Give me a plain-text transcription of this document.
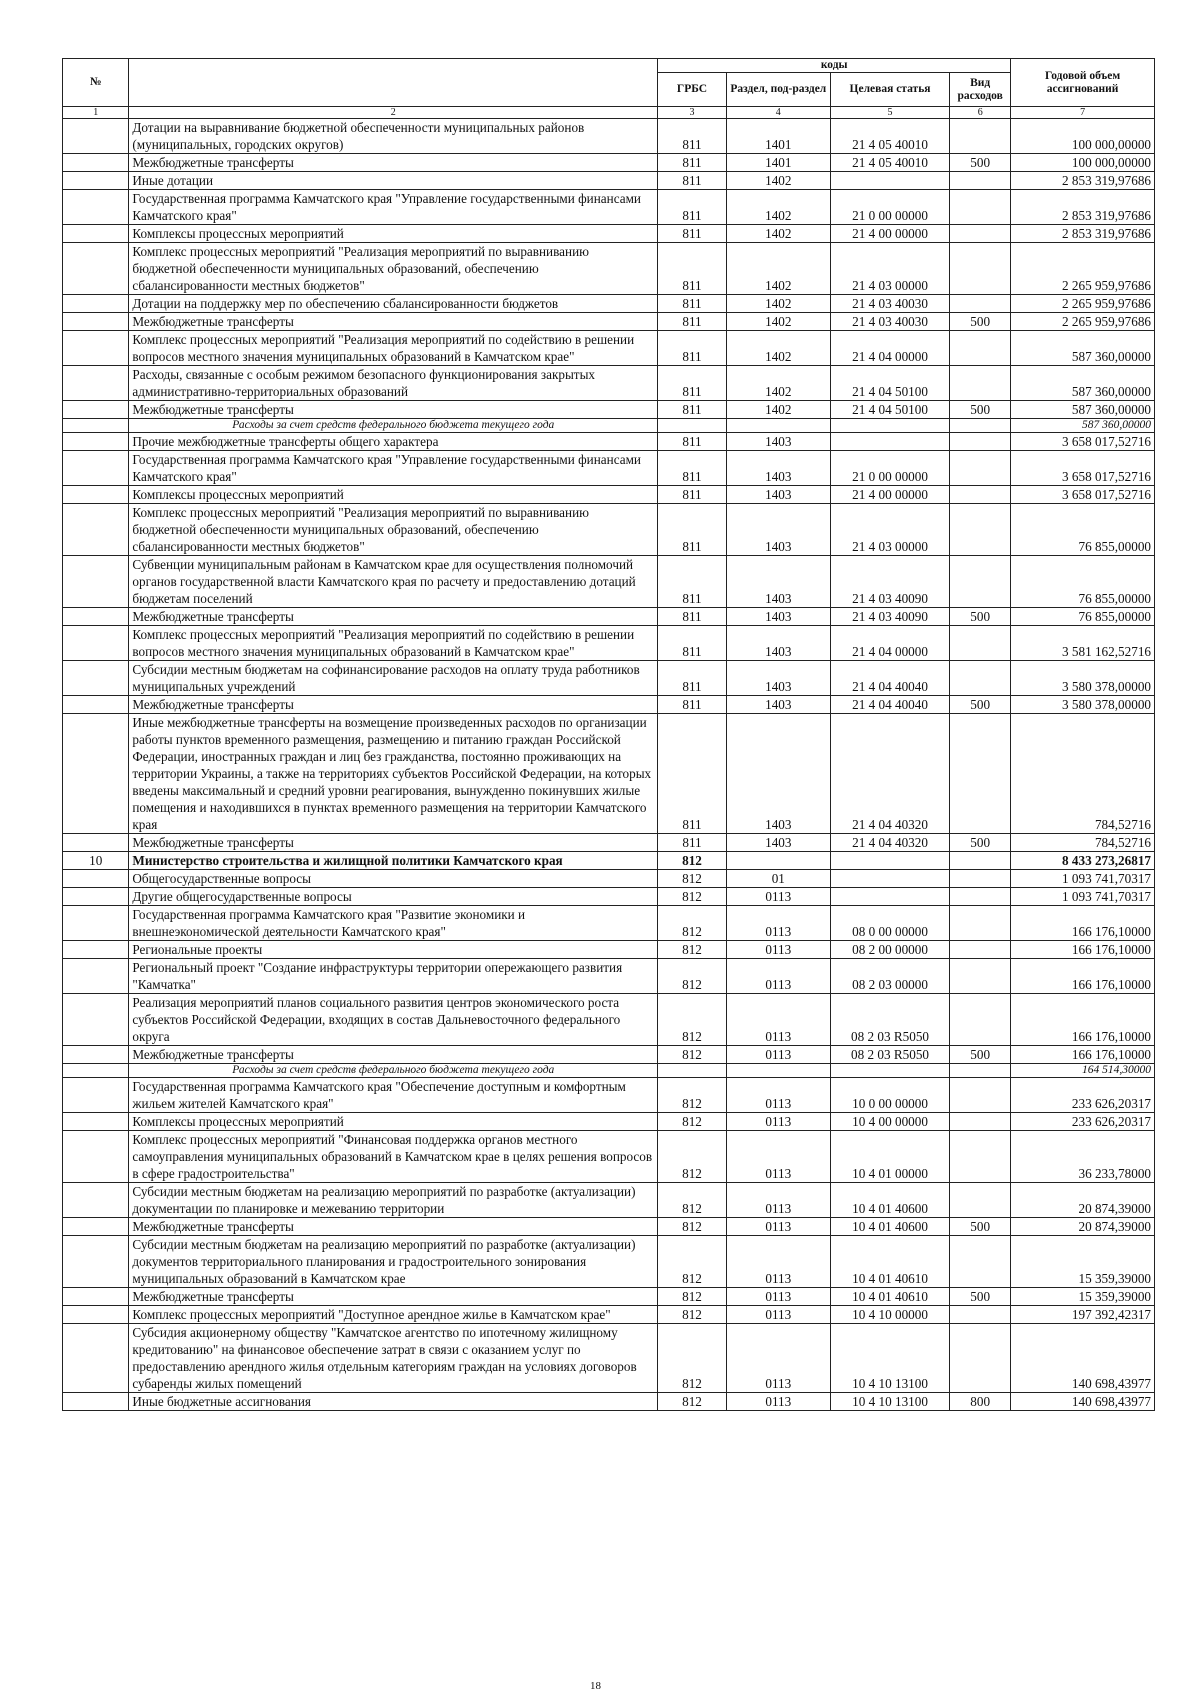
№		коды				Годовой объем ассигнований
		ГРБС	Раздел, под-раздел	Целевая статья	Вид расходов	
1	2	3	4	5	6	7
	Дотации на выравнивание бюджетной обеспеченности муниципальных районов (муниципальных, городских округов)	811	1401	21 4 05 40010		100 000,00000
	Межбюджетные трансферты	811	1401	21 4 05 40010	500	100 000,00000
	Иные дотации	811	1402			2 853 319,97686
	Государственная программа Камчатского края "Управление государственными финансами Камчатского края"	811	1402	21 0 00 00000		2 853 319,97686
	Комплексы процессных мероприятий	811	1402	21 4 00 00000		2 853 319,97686
	Комплекс процессных мероприятий "Реализация мероприятий по выравниванию бюджетной обеспеченности муниципальных образований, обеспечению сбалансированности местных бюджетов"	811	1402	21 4 03 00000		2 265 959,97686
	Дотации на поддержку мер по обеспечению сбалансированности бюджетов	811	1402	21 4 03 40030		2 265 959,97686
	Межбюджетные трансферты	811	1402	21 4 03 40030	500	2 265 959,97686
	Комплекс процессных мероприятий "Реализация мероприятий по содействию в решении вопросов местного значения муниципальных образований в Камчатском крае"	811	1402	21 4 04 00000		587 360,00000
	Расходы, связанные с особым режимом безопасного функционирования закрытых административно-территориальных образований	811	1402	21 4 04 50100		587 360,00000
	Межбюджетные трансферты	811	1402	21 4 04 50100	500	587 360,00000
	Расходы за счет средств федерального бюджета текущего года					587 360,00000
	Прочие межбюджетные трансферты общего характера	811	1403			3 658 017,52716
	Государственная программа Камчатского края "Управление государственными финансами Камчатского края"	811	1403	21 0 00 00000		3 658 017,52716
	Комплексы процессных мероприятий	811	1403	21 4 00 00000		3 658 017,52716
	Комплекс процессных мероприятий "Реализация мероприятий по выравниванию бюджетной обеспеченности муниципальных образований, обеспечению сбалансированности местных бюджетов"	811	1403	21 4 03 00000		76 855,00000
	Субвенции муниципальным районам в Камчатском крае для осуществления полномочий органов государственной власти Камчатского края по расчету и предоставлению дотаций бюджетам поселений	811	1403	21 4 03 40090		76 855,00000
	Межбюджетные трансферты	811	1403	21 4 03 40090	500	76 855,00000
	Комплекс процессных мероприятий "Реализация мероприятий по содействию в решении вопросов местного значения муниципальных образований в Камчатском крае"	811	1403	21 4 04 00000		3 581 162,52716
	Субсидии местным бюджетам на софинансирование расходов на оплату труда работников муниципальных учреждений	811	1403	21 4 04 40040		3 580 378,00000
	Межбюджетные трансферты	811	1403	21 4 04 40040	500	3 580 378,00000
	Иные межбюджетные трансферты на возмещение произведенных расходов по организации работы пунктов временного размещения, размещению и питанию граждан Российской Федерации, иностранных граждан и лиц без гражданства, постоянно проживающих на территории Украины, а также на территориях субъектов Российской Федерации, на которых введены максимальный и средний уровни реагирования, вынужденно покинувших жилые помещения и находившихся в пунктах временного размещения на территории Камчатского края	811	1403	21 4 04 40320		784,52716
	Межбюджетные трансферты	811	1403	21 4 04 40320	500	784,52716
10	Министерство строительства и жилищной политики Камчатского края	812				8 433 273,26817
	Общегосударственные вопросы	812	01			1 093 741,70317
	Другие общегосударственные вопросы	812	0113			1 093 741,70317
	Государственная программа Камчатского края "Развитие экономики и внешнеэкономической деятельности Камчатского края"	812	0113	08 0 00 00000		166 176,10000
	Региональные проекты	812	0113	08 2 00 00000		166 176,10000
	Региональный проект "Создание инфраструктуры территории опережающего развития "Камчатка"	812	0113	08 2 03 00000		166 176,10000
	Реализация мероприятий планов социального развития центров экономического роста субъектов Российской Федерации, входящих в состав Дальневосточного федерального округа	812	0113	08 2 03 R5050		166 176,10000
	Межбюджетные трансферты	812	0113	08 2 03 R5050	500	166 176,10000
	Расходы за счет средств федерального бюджета текущего года					164 514,30000
	Государственная программа Камчатского края "Обеспечение доступным и комфортным жильем жителей Камчатского края"	812	0113	10 0 00 00000		233 626,20317
	Комплексы процессных мероприятий	812	0113	10 4 00 00000		233 626,20317
	Комплекс процессных мероприятий "Финансовая поддержка органов местного самоуправления муниципальных образований в Камчатском крае в целях решения вопросов в сфере градостроительства"	812	0113	10 4 01 00000		36 233,78000
	Субсидии местным бюджетам на реализацию мероприятий по разработке (актуализации) документации по планировке и межеванию территории	812	0113	10 4 01 40600		20 874,39000
	Межбюджетные трансферты	812	0113	10 4 01 40600	500	20 874,39000
	Субсидии местным бюджетам на реализацию мероприятий по разработке (актуализации) документов территориального планирования и градостроительного зонирования муниципальных образований в Камчатском крае	812	0113	10 4 01 40610		15 359,39000
	Межбюджетные трансферты	812	0113	10 4 01 40610	500	15 359,39000
	Комплекс процессных мероприятий "Доступное арендное жилье в Камчатском крае"	812	0113	10 4 10 00000		197 392,42317
	Субсидия акционерному обществу "Камчатское агентство по ипотечному жилищному кредитованию" на финансовое обеспечение затрат в связи с оказанием услуг по предоставлению арендного жилья отдельным категориям граждан на условиях договоров субаренды жилых помещений	812	0113	10 4 10 13100		140 698,43977
	Иные бюджетные ассигнования	812	0113	10 4 10 13100	800	140 698,43977
18
